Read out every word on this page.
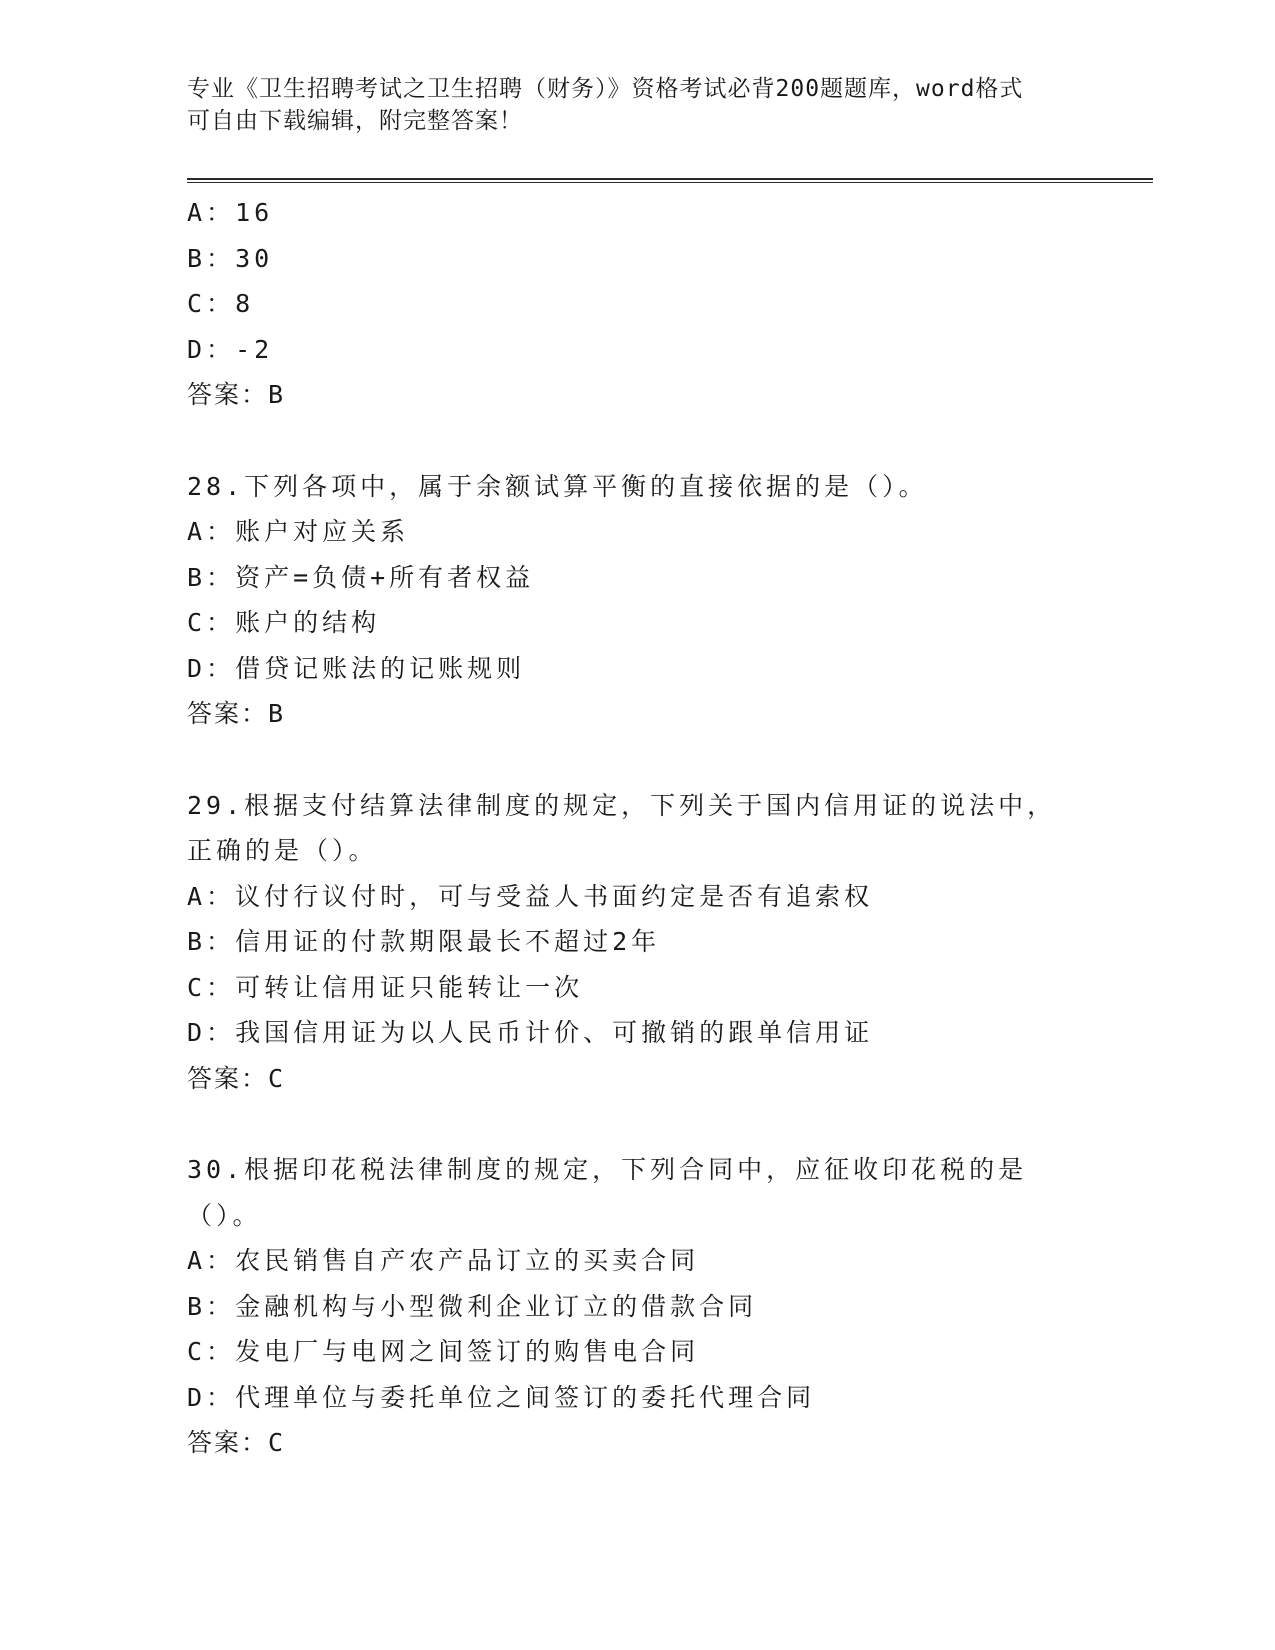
专业《卫生招聘考试之卫生招聘（财务）》资格考试必背200题题库，word格式
可自由下载编辑，附完整答案！
A：16
B：30
C：8
D：-2
答案：B
28.下列各项中，属于余额试算平衡的直接依据的是（）。
A：账户对应关系
B：资产=负债+所有者权益
C：账户的结构
D：借贷记账法的记账规则
答案：B
29.根据支付结算法律制度的规定，下列关于国内信用证的说法中，正确的是（）。
A：议付行议付时，可与受益人书面约定是否有追索权
B：信用证的付款期限最长不超过2年
C：可转让信用证只能转让一次
D：我国信用证为以人民币计价、可撤销的跟单信用证
答案：C
30.根据印花税法律制度的规定，下列合同中，应征收印花税的是（）。
A：农民销售自产农产品订立的买卖合同
B：金融机构与小型微利企业订立的借款合同
C：发电厂与电网之间签订的购售电合同
D：代理单位与委托单位之间签订的委托代理合同
答案：C
